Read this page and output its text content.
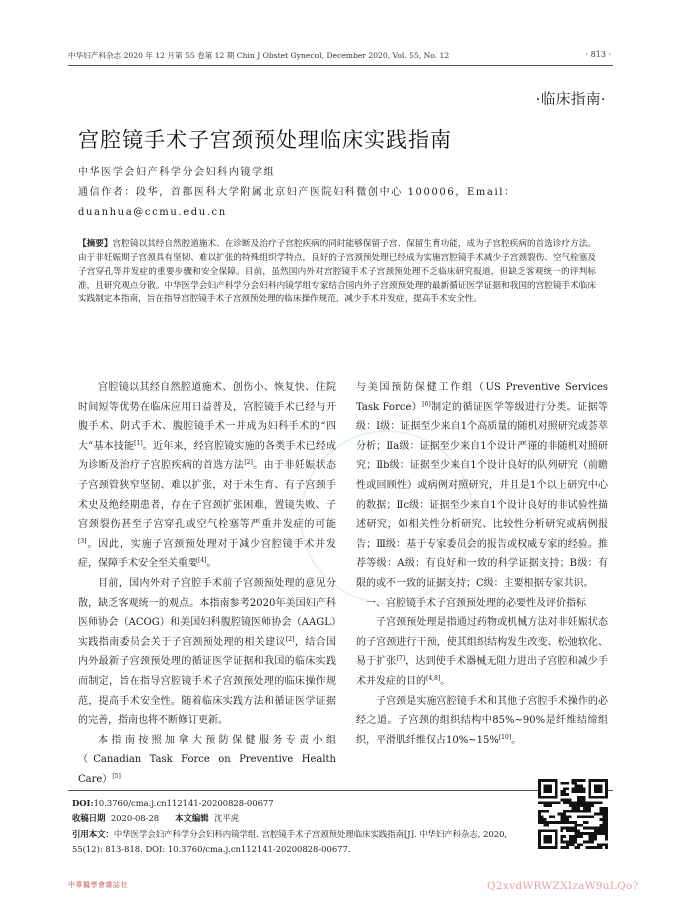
中华妇产科杂志 2020 年 12 月第 55 卷第 12 期 Chin J Obstet Gynecol, December 2020, Vol. 55, No. 12	· 813 ·
·临床指南·
宫腔镜手术子宫颈预处理临床实践指南
中华医学会妇产科学分会妇科内镜学组
通信作者：段华，首都医科大学附属北京妇产医院妇科微创中心 100006，Email：
duanhua@ccmu.edu.cn
【摘要】宫腔镜以其经自然腔道施术、在诊断及治疗子宫腔疾病的同时能够保留子宫、保留生育功能，成为子宫腔疾病的首选诊疗方法。由于非妊娠期子宫颈具有坚韧、难以扩张的特殊组织学特点，良好的子宫颈预处理已经成为实施宫腔镜手术减少子宫颈裂伤、空气栓塞及子宫穿孔等并发症的重要步骤和安全保障。目前，虽然国内外对宫腔镜手术子宫颈预处理不乏临床研究报道，但缺乏客观统一的评判标准，且研究观点分散。中华医学会妇产科学分会妇科内镜学组专家结合国内外子宫颈预处理的最新循证医学证据和我国的宫腔镜手术临床实践制定本指南，旨在指导宫腔镜手术子宫颈预处理的临床操作规范，减少手术并发症，提高手术安全性。

宫腔镜以其经自然腔道施术、创伤小、恢复快、住院时间短等优势在临床应用日益普及，宫腔镜手术已经与开腹手术、阴式手术、腹腔镜手术一并成为妇科手术的“四大”基本技能[1]。近年来，经宫腔镜实施的各类手术已经成为诊断及治疗子宫腔疾病的首选方法[2]。由于非妊娠状态子宫颈管狭窄坚韧、难以扩张，对于未生育、有子宫颈手术史及绝经期患者，存在子宫颈扩张困难，置镜失败、子宫颈裂伤甚至子宫穿孔或空气栓塞等严重并发症的可能[3]。因此，实施子宫颈预处理对于减少宫腔镜手术并发症，保障手术安全至关重要[4]。

目前，国内外对子宫腔手术前子宫颈预处理的意见分散，缺乏客观统一的观点。本指南参考2020年美国妇产科医师协会（ACOG）和美国妇科腹腔镜医师协会（AAGL）实践指南委员会关于子宫颈预处理的相关建议[2]，结合国内外最新子宫颈预处理的循证医学证据和我国的临床实践而制定，旨在指导宫腔镜手术子宫颈预处理的临床操作规范，提高手术安全性。随着临床实践方法和循证医学证据的完善，指南也将不断修订更新。

本指南按照加拿大预防保健服务专责小组（Canadian Task Force on Preventive Health Care）[5]

与美国预防保健工作组（US Preventive Services Task Force）[6]制定的循证医学等级进行分类。证据等级：Ⅰ级：证据至少来自1个高质量的随机对照研究或荟萃分析；Ⅱa级：证据至少来自1个设计严谨的非随机对照研究；Ⅱb级：证据至少来自1个设计良好的队列研究（前瞻性或回顾性）或病例对照研究，并且是1个以上研究中心的数据；Ⅱc级：证据至少来自1个设计良好的非试验性描述研究，如相关性分析研究、比较性分析研究或病例报告；Ⅲ级：基于专家委员会的报告或权威专家的经验。推荐等级：A级：有良好和一致的科学证据支持；B级：有限的或不一致的证据支持；C级：主要根据专家共识。

一、宫腔镜手术子宫颈预处理的必要性及评价指标

子宫颈预处理是指通过药物或机械方法对非妊娠状态的子宫颈进行干预，使其组织结构发生改变、松弛软化、易于扩张[7]，达到使手术器械无阻力进出子宫腔和减少手术并发症的目的[4,8]。

子宫颈是实施宫腔镜手术和其他子宫腔手术操作的必经之道。子宫颈的组织结构中85%~90%是纤维结缔组织，平滑肌纤维仅占10%~15%[10]。

DOI:10.3760/cma.j.cn112141-20200828-00677
收稿日期 2020-08-28 本文编辑 沈平虎
引用本文：中华医学会妇产科学分会妇科内镜学组. 宫腔镜手术子宫颈预处理临床实践指南[J]. 中华妇产科杂志, 2020, 55(12): 813-818. DOI: 10.3760/cma.j.cn112141-20200828-00677.
中華醫學會雜誌社	Q2xvdWRWZXIzaW9uLQo?
